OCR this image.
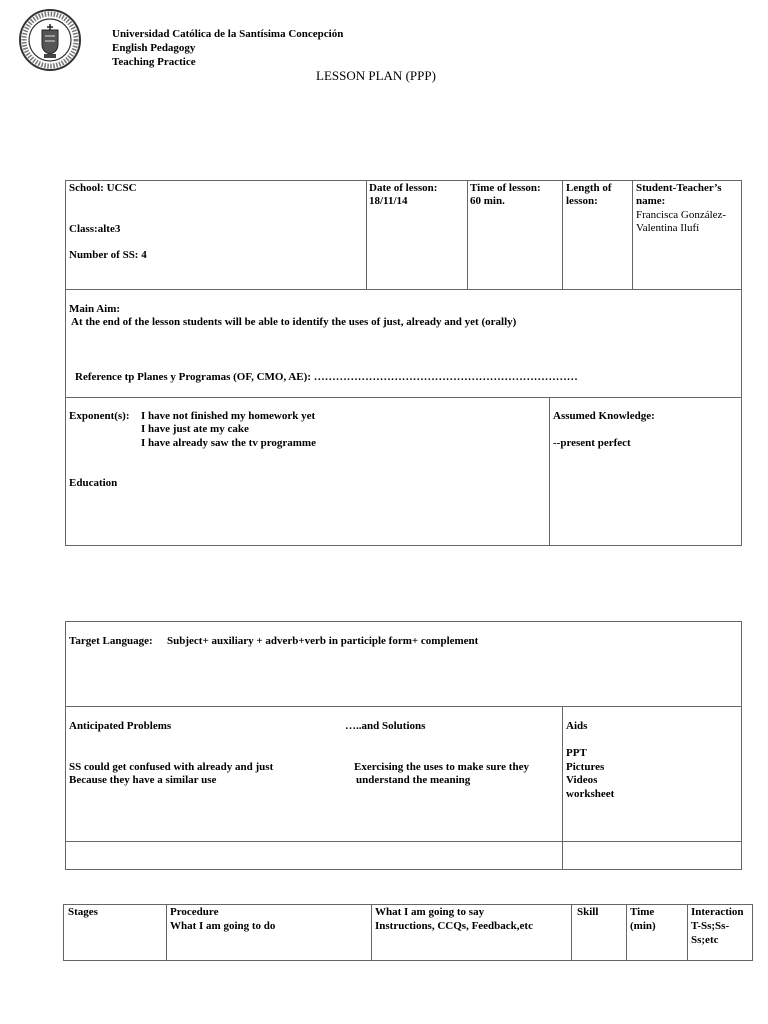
Universidad Católica de la Santísima Concepción
English Pedagogy
Teaching Practice
LESSON PLAN (PPP)
School: UCSC
Class:alte3
Number of SS: 4
Date of lesson:
18/11/14
Time of lesson:
60 min.
Length of
lesson:
Student-Teacher’s
name:
Francisca González-
Valentina Ilufí
Main Aim:
At the end of the lesson students will be able to identify the uses of just, already and yet (orally)
Reference tp Planes y Programas (OF, CMO, AE): ………………………………………………………………
Exponent(s): I have not finished my homework yet
I have just ate my cake
I have already saw the tv programme
Education
Assumed Knowledge:
--present perfect
Target Language: Subject+ auxiliary + adverb+verb in participle form+ complement
Anticipated Problems
SS could get confused with already and just
Because they have a similar use
…..and Solutions
Exercising the uses to make sure they
understand the meaning
Aids
PPT
Pictures
Videos
worksheet
Stages	Procedure
What I am going to do
What I am going to say
Instructions, CCQs, Feedback,etc
Skill	Time
(min)
Interaction
T-Ss;Ss-
Ss;etc
